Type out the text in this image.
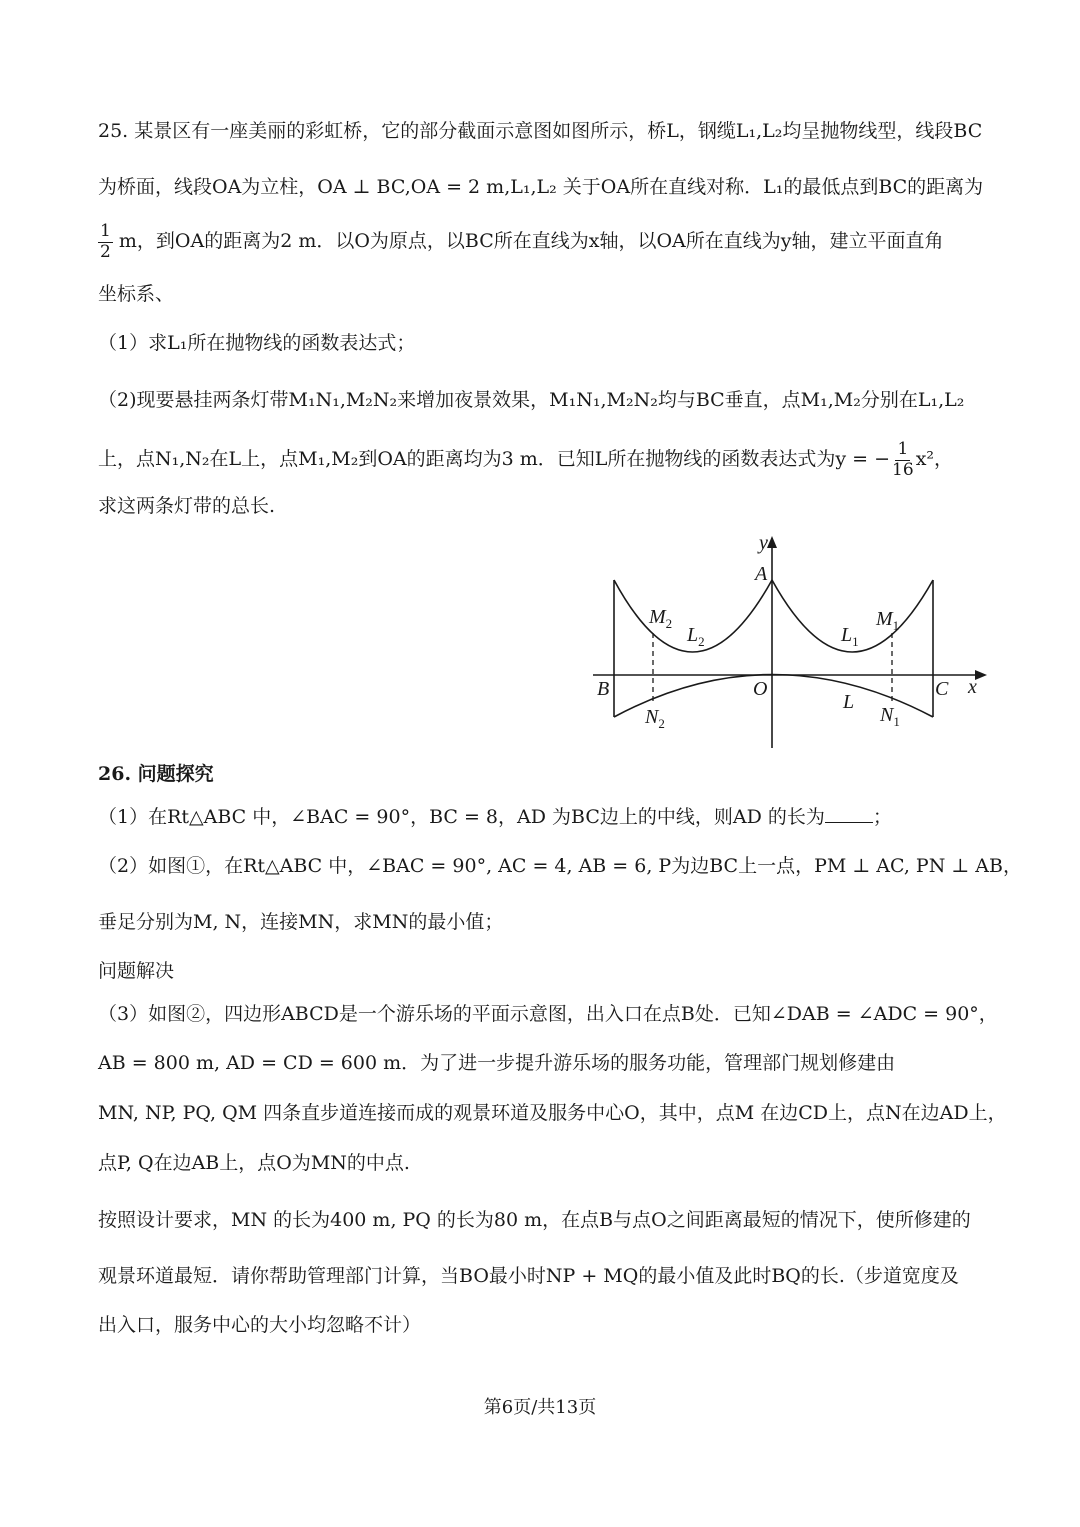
25. 某景区有一座美丽的彩虹桥，它的部分截面示意图如图所示，桥L，钢缆L₁,L₂均呈抛物线型，线段BC
为桥面，线段OA为立柱，OA ⊥ BC,OA = 2 m,L₁,L₂ 关于OA所在直线对称．L₁的最低点到BC的距离为
$\frac{1}{2}$ m，到OA的距离为2 m．以O为原点，以BC所在直线为x轴，以OA所在直线为y轴，建立平面直角
坐标系、
（1）求L₁所在抛物线的函数表达式；
（2)现要悬挂两条灯带M₁N₁,M₂N₂来增加夜景效果，M₁N₁,M₂N₂均与BC垂直，点M₁,M₂分别在L₁,L₂
上，点N₁,N₂在L上，点M₁,M₂到OA的距离均为3 m．已知L所在抛物线的函数表达式为y = − $\frac{1}{16} x^2$，
求这两条灯带的总长.
y
x
A
B	C
O
L
$L_1$
$L_2$
$M_1$
$M_2$
$N_1$
$N_2$
26. 问题探究
（1）在Rt△ABC 中，∠BAC = 90°，BC = 8，AD 为BC边上的中线，则AD 的长为	；
（2）如图①，在Rt△ABC 中，∠BAC = 90°, AC = 4, AB = 6, P为边BC上一点，PM ⊥ AC, PN ⊥ AB，
垂足分别为M, N，连接MN，求MN的最小值；
问题解决
（3）如图②，四边形ABCD是一个游乐场的平面示意图，出入口在点B处．已知∠DAB = ∠ADC = 90°，
AB = 800 m, AD = CD = 600 m．为了进一步提升游乐场的服务功能，管理部门规划修建由
MN, NP, PQ, QM 四条直步道连接而成的观景环道及服务中心O，其中，点M 在边CD上，点N在边AD上，
点P, Q在边AB上，点O为MN的中点.
按照设计要求，MN 的长为400 m, PQ 的长为80 m，在点B与点O之间距离最短的情况下，使所修建的
观景环道最短．请你帮助管理部门计算，当BO最小时NP + MQ的最小值及此时BQ的长.（步道宽度及
出入口，服务中心的大小均忽略不计）
第6页/共13页
